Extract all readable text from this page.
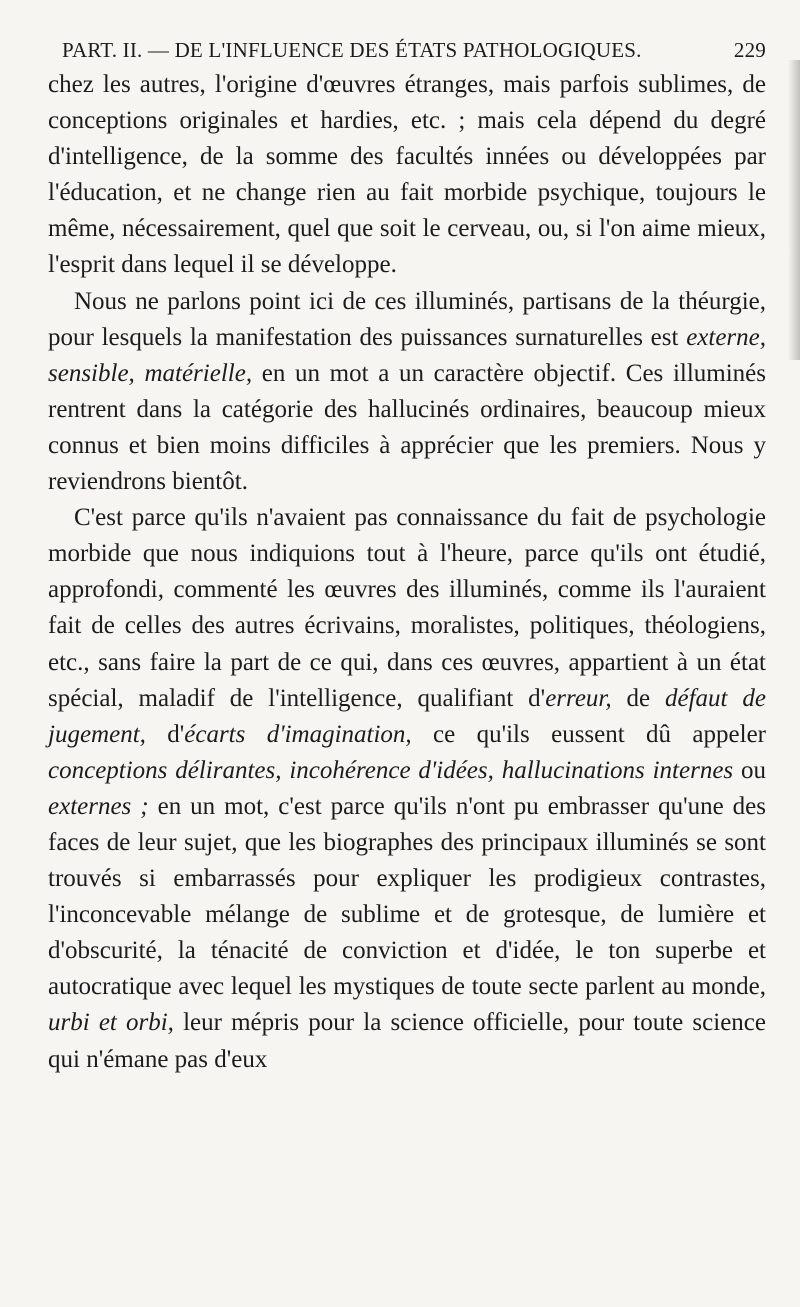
PART. II. — DE L'INFLUENCE DES ÉTATS PATHOLOGIQUES.	229

chez les autres, l'origine d'œuvres étranges, mais parfois sublimes, de conceptions originales et hardies, etc. ; mais cela dépend du degré d'intelligence, de la somme des facultés innées ou développées par l'éducation, et ne change rien au fait morbide psychique, toujours le même, nécessairement, quel que soit le cerveau, ou, si l'on aime mieux, l'esprit dans lequel il se développe.

Nous ne parlons point ici de ces illuminés, partisans de la théurgie, pour lesquels la manifestation des puissances surnaturelles est externe, sensible, matérielle, en un mot a un caractère objectif. Ces illuminés rentrent dans la catégorie des hallucinés ordinaires, beaucoup mieux connus et bien moins difficiles à apprécier que les premiers. Nous y reviendrons bientôt.

C'est parce qu'ils n'avaient pas connaissance du fait de psychologie morbide que nous indiquions tout à l'heure, parce qu'ils ont étudié, approfondi, commenté les œuvres des illuminés, comme ils l'auraient fait de celles des autres écrivains, moralistes, politiques, théologiens, etc., sans faire la part de ce qui, dans ces œuvres, appartient à un état spécial, maladif de l'intelligence, qualifiant d'erreur, de défaut de jugement, d'écarts d'imagination, ce qu'ils eussent dû appeler conceptions délirantes, incohérence d'idées, hallucinations internes ou externes ; en un mot, c'est parce qu'ils n'ont pu embrasser qu'une des faces de leur sujet, que les biographes des principaux illuminés se sont trouvés si embarrassés pour expliquer les prodigieux contrastes, l'inconcevable mélange de sublime et de grotesque, de lumière et d'obscurité, la ténacité de conviction et d'idée, le ton superbe et autocratique avec lequel les mystiques de toute secte parlent au monde, urbi et orbi, leur mépris pour la science officielle, pour toute science qui n'émane pas d'eux
